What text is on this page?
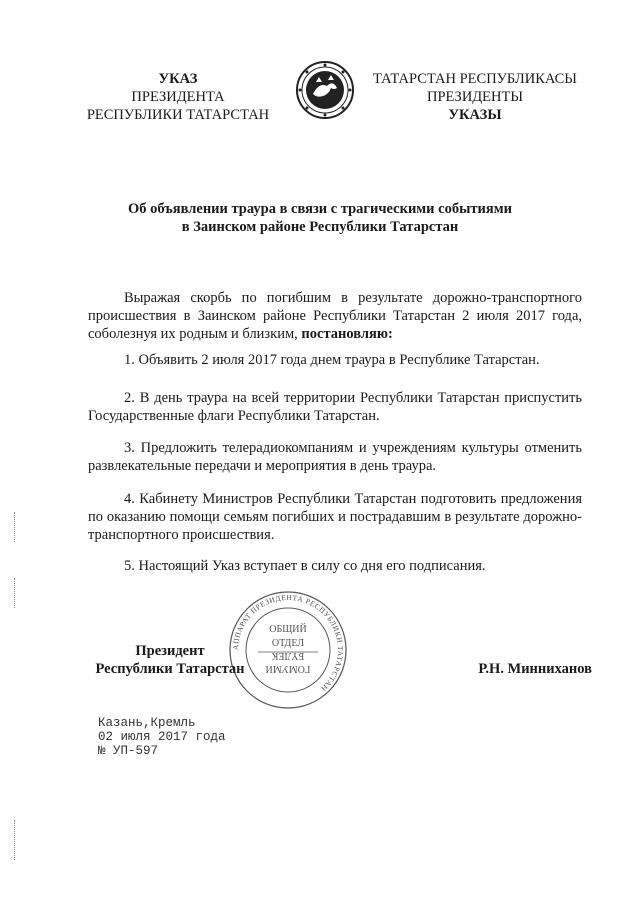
УКАЗ
ПРЕЗИДЕНТА
РЕСПУБЛИКИ ТАТАРСТАН
ТАТАРСТАН РЕСПУБЛИКАСЫ
ПРЕЗИДЕНТЫ
УКАЗЫ
Об объявлении траура в связи с трагическими событиями
в Заинском районе Республики Татарстан
Выражая скорбь по погибшим в результате дорожно-транспортного происшествия в Заинском районе Республики Татарстан 2 июля 2017 года, соболезнуя их родным и близким, постановляю:
1. Объявить 2 июля 2017 года днем траура в Республике Татарстан.
2. В день траура на всей территории Республики Татарстан приспустить Государственные флаги Республики Татарстан.
3. Предложить телерадиокомпаниям и учреждениям культуры отменить развлекательные передачи и мероприятия в день траура.
4. Кабинету Министров Республики Татарстан подготовить предложения по оказанию помощи семьям погибших и пострадавшим в результате дорожно-транспортного происшествия.
5. Настоящий Указ вступает в силу со дня его подписания.
АППАРАТ ПРЕЗИДЕНТА РЕСПУБЛИКИ ТАТАРСТАН
ОБЩИЙ
ОТДЕЛ
ГОМУМИ
БҮЛЕК
Президент
Республики Татарстан	Р.Н. Минниханов
Казань,Кремль
02 июля 2017 года
№ УП-597
